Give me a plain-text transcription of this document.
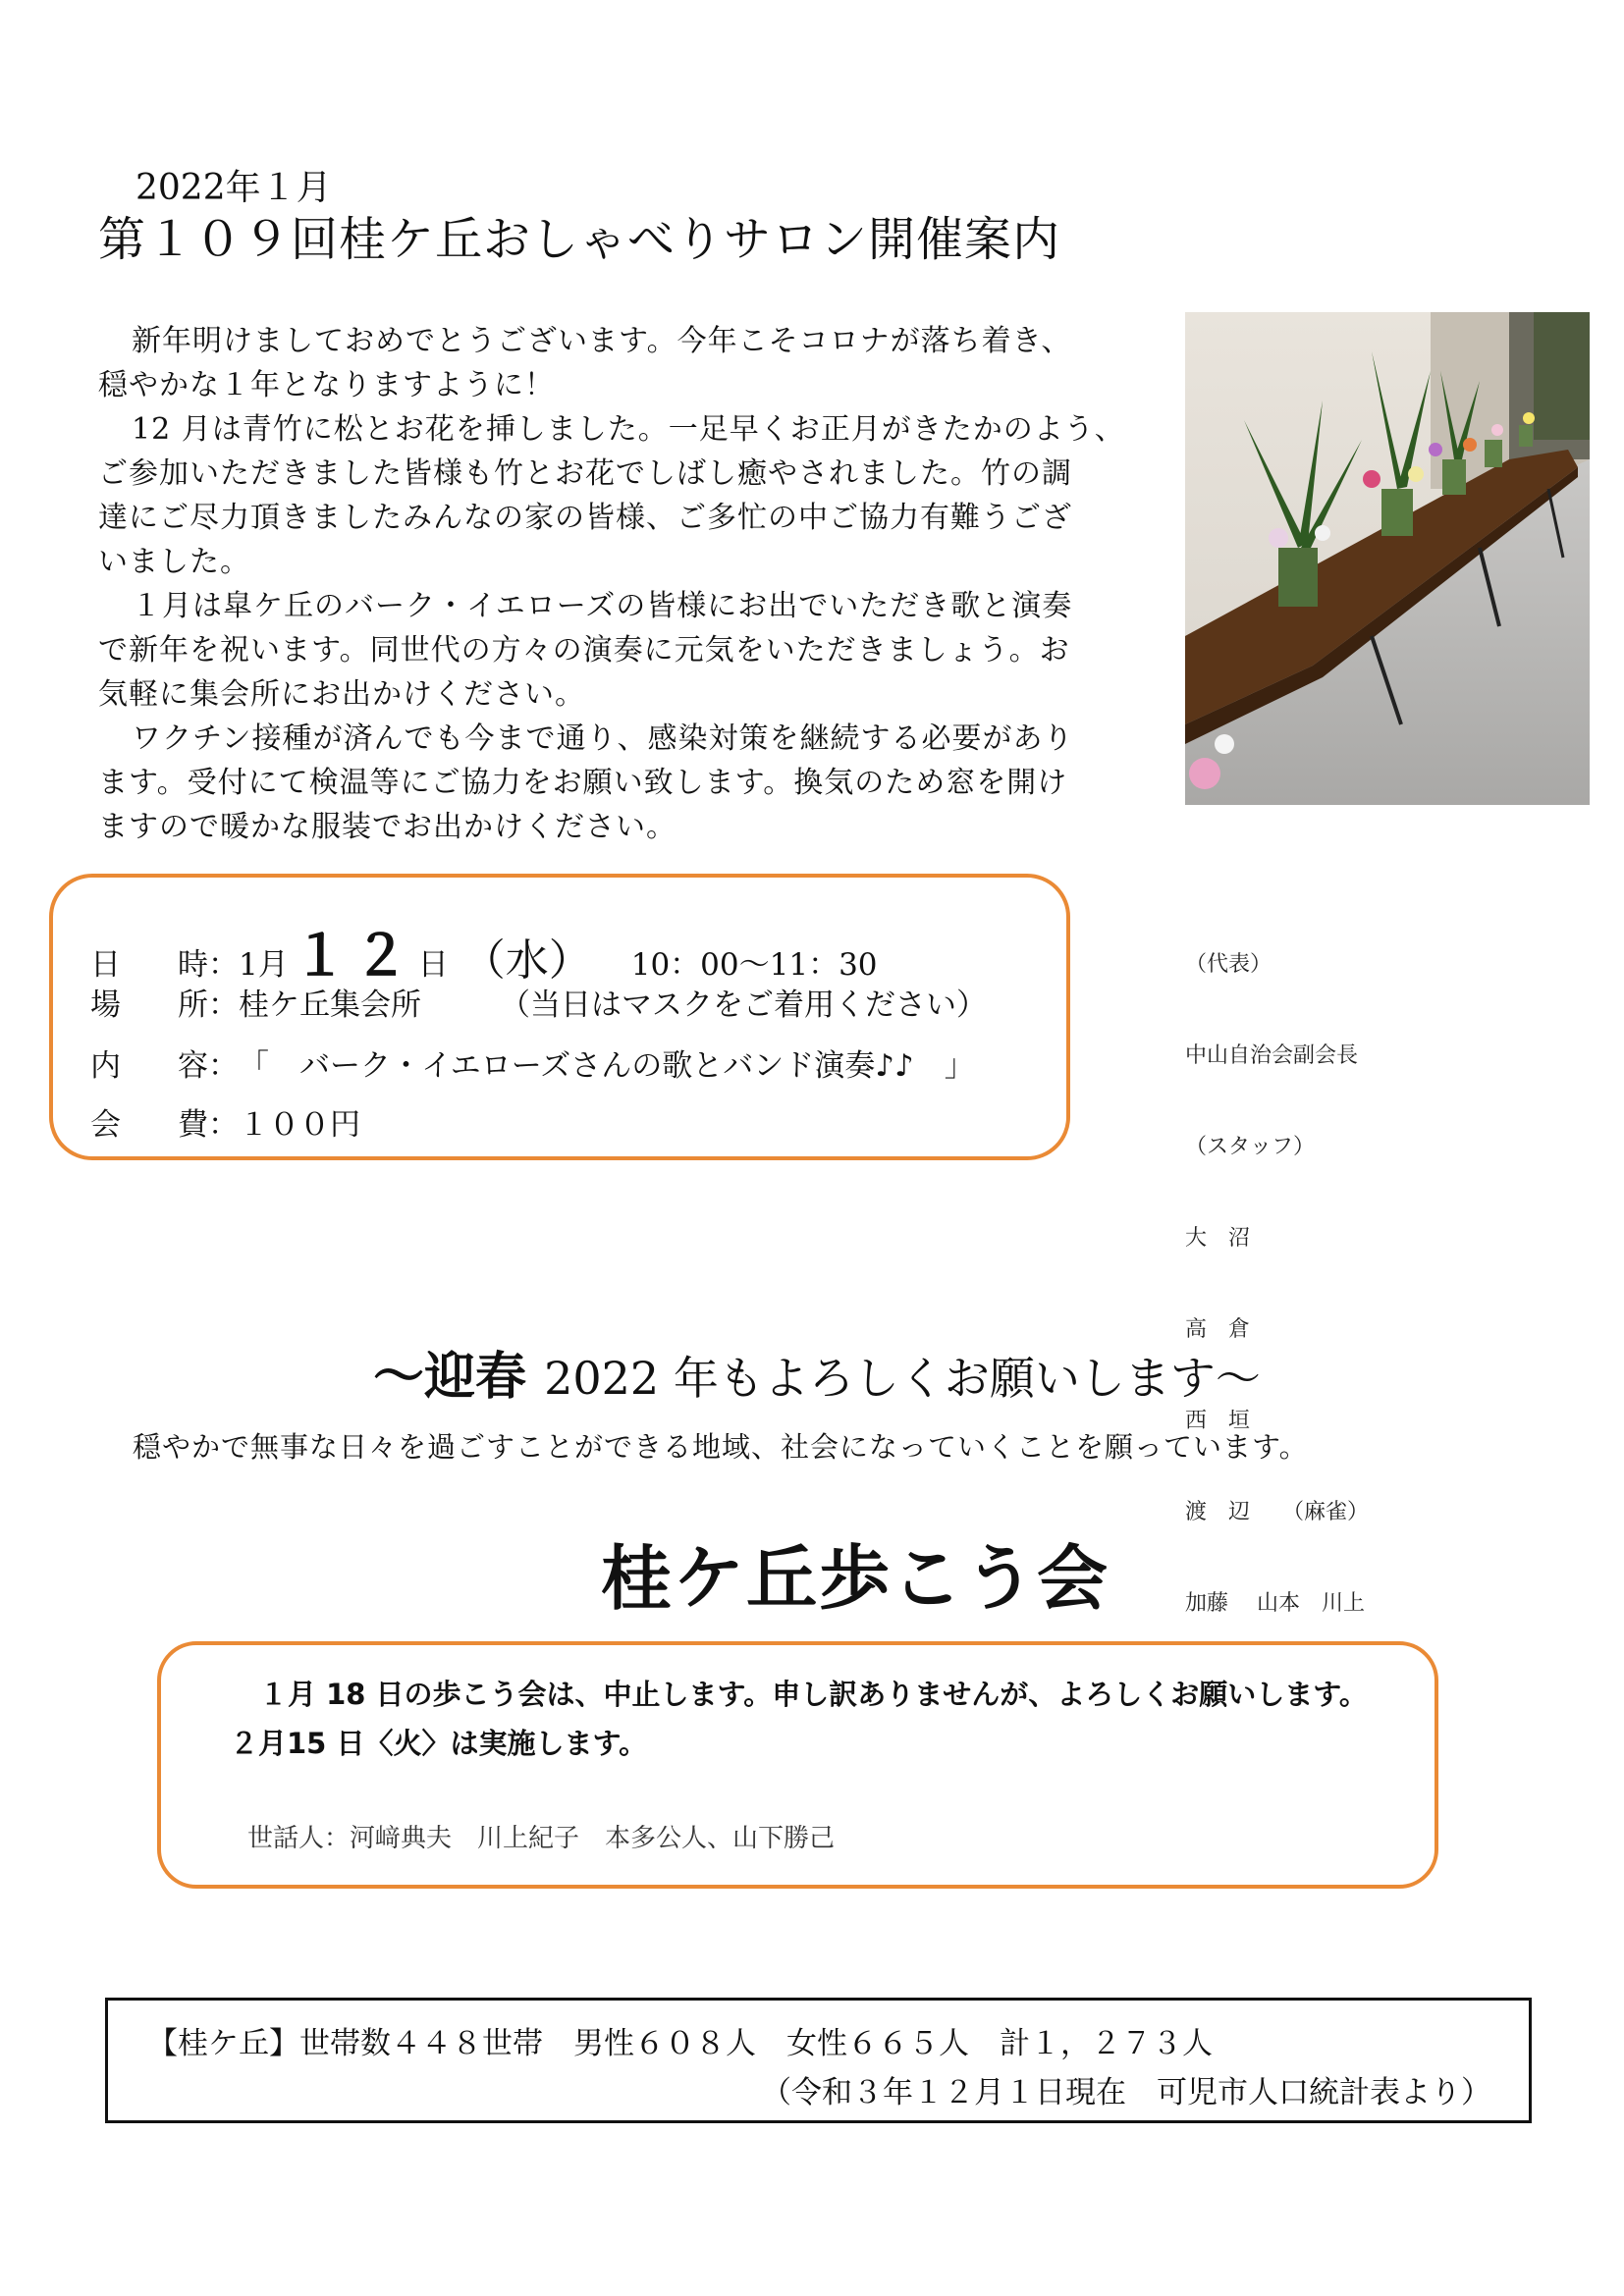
2022年１月
第１０９回桂ケ丘おしゃべりサロン開催案内

新年明けましておめでとうございます。今年こそコロナが落ち着き、

穏やかな１年となりますように！

12 月は青竹に松とお花を挿しました。一足早くお正月がきたかのよう、

ご参加いただきました皆様も竹とお花でしばし癒やされました。竹の調

達にご尽力頂きましたみんなの家の皆様、ご多忙の中ご協力有難うござ

いました。

１月は皐ケ丘のバーク・イエローズの皆様にお出でいただき歌と演奏

で新年を祝います。同世代の方々の演奏に元気をいただきましょう。お

気軽に集会所にお出かけください。

ワクチン接種が済んでも今まで通り、感染対策を継続する必要があり

ます。受付にて検温等にご協力をお願い致します。換気のため窓を開け

ますので暖かな服装でお出かけください。

日 時 ： 1月 １２ 日 （水） 10：00～11：30
場 所 ： 桂ケ丘集会所	（当日はマスクをご着用ください）
内 容 ： 「　バーク・イエローズさんの歌とバンド演奏♪♪　」
会 費 ： １００円

（代表）

中山自治会副会長

（スタッフ）

大　沼

高　倉

西　垣

渡　辺　　（麻雀）

加藤　 山本　川上

～迎春 2022 年もよろしくお願いします～
穏やかで無事な日々を過ごすことができる地域、社会になっていくことを願っています。
桂ケ丘歩こう会
１月 18 日の歩こう会は、中止します。申し訳ありませんが、よろしくお願いします。
２月15 日〈火〉は実施します。
世話人：河﨑典夫　川上紀子　本多公人、山下勝己
【桂ケ丘】世帯数４４８世帯　男性６０８人　女性６６５人　計１，２７３人
（令和３年１２月１日現在　可児市人口統計表より）
